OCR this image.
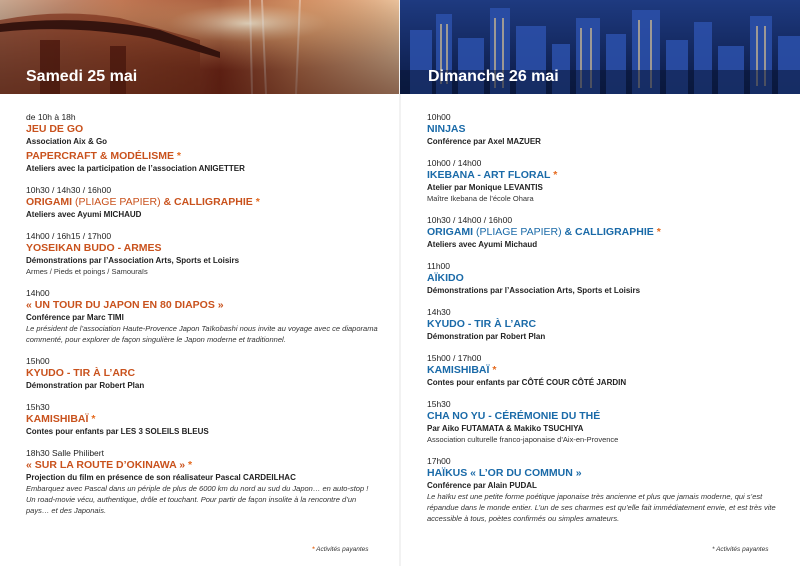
Samedi 25 mai
de 10h à 18h
JEU DE GO
Association Aix & Go
PAPERCRAFT & MODÉLISME *
Ateliers avec la participation de l’association ANIGETTER
10h30 / 14h30 / 16h00
ORIGAMI (PLIAGE PAPIER) & CALLIGRAPHIE *
Ateliers avec Ayumi MICHAUD
14h00 / 16h15 / 17h00
YOSEIKAN BUDO - ARMES
Démonstrations par l’Association Arts, Sports et Loisirs
Armes / Pieds et poings / Samouraïs
14h00
« UN TOUR DU JAPON EN 80 DIAPOS »
Conférence par Marc TIMI
Le président de l’association Haute-Provence Japon Taïkobashi nous invite au voyage avec ce diaporama commenté, pour explorer de façon singulière le Japon moderne et traditionnel.
15h00
KYUDO - TIR À L’ARC
Démonstration par Robert Plan
15h30
KAMISHIBAÏ *
Contes pour enfants par LES 3 SOLEILS BLEUS
18h30 Salle Philibert
« SUR LA ROUTE D’OKINAWA » *
Projection du film en présence de son réalisateur Pascal CARDEILHAC
Embarquez avec Pascal dans un périple de plus de 6000 km du nord au sud du Japon… en auto-stop ! Un road-movie vécu, authentique, drôle et touchant. Pour partir de façon insolite à la rencontre d’un pays… et des Japonais.
* Activités payantes
Dimanche 26 mai
10h00
NINJAS
Conférence par Axel MAZUER
10h00 / 14h00
IKEBANA - ART FLORAL *
Atelier par Monique LEVANTIS
Maître Ikebana de l’école Ohara
10h30 / 14h00 / 16h00
ORIGAMI (PLIAGE PAPIER) & CALLIGRAPHIE *
Ateliers avec Ayumi Michaud
11h00
AÏKIDO
Démonstrations par l’Association Arts, Sports et Loisirs
14h30
KYUDO - TIR À L’ARC
Démonstration par Robert Plan
15h00 / 17h00
KAMISHIBAÏ *
Contes pour enfants par CÔTÉ COUR CÔTÉ JARDIN
15h30
CHA NO YU - CÉRÉMONIE DU THÉ
Par Aiko FUTAMATA & Makiko TSUCHIYA
Association culturelle franco-japonaise d’Aix-en-Provence
17h00
HAÏKUS « L’OR DU COMMUN »
Conférence par Alain PUDAL
Le haïku est une petite forme poétique japonaise très ancienne et plus que jamais moderne, qui s’est répandue dans le monde entier. L’un de ses charmes est qu’elle fait immédiatement envie, et est très vite accessible à tous, poètes confirmés ou simples amateurs.
* Activités payantes
